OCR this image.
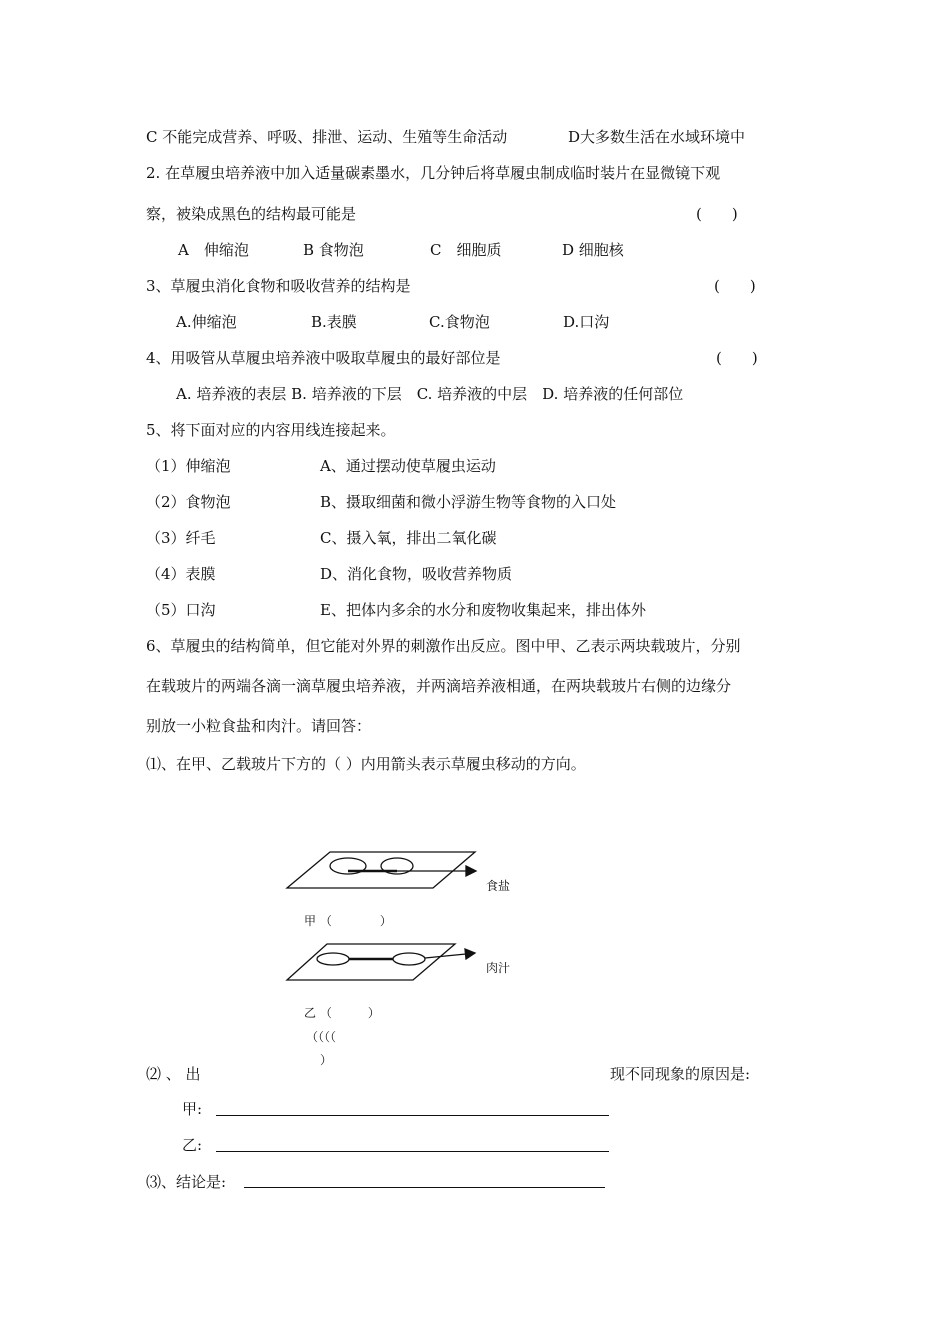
C 不能完成营养、呼吸、排泄、运动、生殖等生命活动	D大多数生活在水域环境中
2. 在草履虫培养液中加入适量碳素墨水，几分钟后将草履虫制成临时装片在显微镜下观
察，被染成黑色的结构最可能是	(　　)
A　伸缩泡	B 食物泡	C　细胞质	D 细胞核
3、草履虫消化食物和吸收营养的结构是	(　　)
A.伸缩泡	B.表膜	C.食物泡	D.口沟
4、用吸管从草履虫培养液中吸取草履虫的最好部位是	(　　)
A. 培养液的表层 B. 培养液的下层　C. 培养液的中层　D. 培养液的任何部位
5、将下面对应的内容用线连接起来。
（1）伸缩泡	A、通过摆动使草履虫运动
（2）食物泡	B、摄取细菌和微小浮游生物等食物的入口处
（3）纤毛	C、摄入氧，排出二氧化碳
（4）表膜	D、消化食物，吸收营养物质
（5）口沟	E、把体内多余的水分和废物收集起来，排出体外
6、草履虫的结构简单，但它能对外界的刺激作出反应。图中甲、乙表示两块载玻片，分别
在载玻片的两端各滴一滴草履虫培养液，并两滴培养液相通，在两块载玻片右侧的边缘分
别放一小粒食盐和肉汁。请回答：
⑴、在甲、乙载玻片下方的（ ）内用箭头表示草履虫移动的方向。
食盐
肉汁
甲 （　　　　）
乙 （　　　）
（（（（
）
⑵ 、 出	现不同现象的原因是:
甲:
乙:
⑶、结论是:
